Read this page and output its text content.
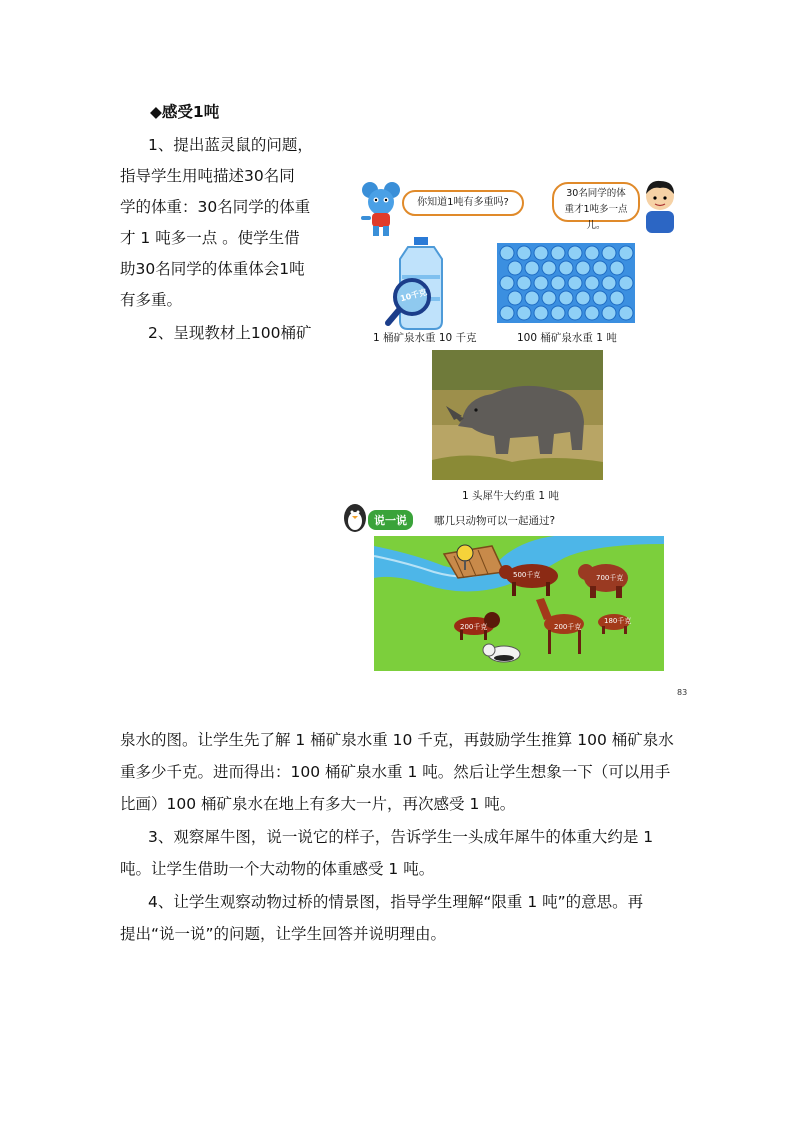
◆感受1吨
1、提出蓝灵鼠的问题，
指导学生用吨描述30名同
学的体重：30名同学的体重
才 1 吨多一点 。使学生借
助30名同学的体重体会1吨
有多重。
2、呈现教材上100桶矿
你知道1吨有多重吗?
30名同学的体重才1吨多一点儿。
10千克
1 桶矿泉水重 10 千克	100 桶矿泉水重 1 吨
1 头犀牛大约重 1 吨
说一说	哪几只动物可以一起通过?
500千克	700千克
200千克	200千克
180千克
83
泉水的图。让学生先了解 1 桶矿泉水重 10 千克，再鼓励学生推算 100 桶矿泉水
重多少千克。进而得出：100 桶矿泉水重 1 吨。然后让学生想象一下（可以用手
比画）100 桶矿泉水在地上有多大一片，再次感受 1 吨。
3、观察犀牛图，说一说它的样子，告诉学生一头成年犀牛的体重大约是 1
吨。让学生借助一个大动物的体重感受 1 吨。
4、让学生观察动物过桥的情景图，指导学生理解“限重 1 吨”的意思。再
提出“说一说”的问题，让学生回答并说明理由。
